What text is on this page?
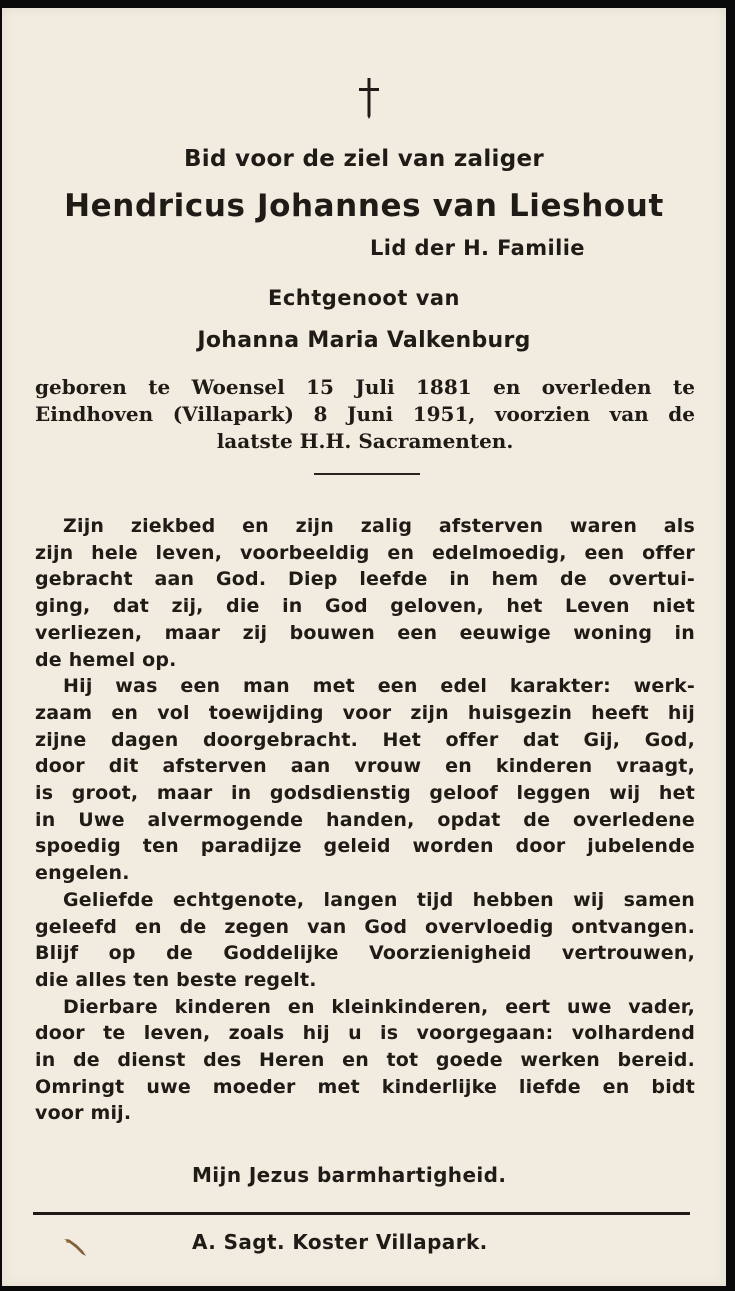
Bid voor de ziel van zaliger
Hendricus Johannes van Lieshout
Lid der H. Familie
Echtgenoot van
Johanna Maria Valkenburg
geboren te Woensel 15 Juli 1881 en overleden te
Eindhoven (Villapark) 8 Juni 1951, voorzien van de
laatste H.H. Sacramenten.
Zijn ziekbed en zijn zalig afsterven waren als
zijn hele leven, voorbeeldig en edelmoedig, een offer
gebracht aan God. Diep leefde in hem de overtui-
ging, dat zij, die in God geloven, het Leven niet
verliezen, maar zij bouwen een eeuwige woning in
de hemel op.
Hij was een man met een edel karakter: werk-
zaam en vol toewijding voor zijn huisgezin heeft hij
zijne dagen doorgebracht. Het offer dat Gij, God,
door dit afsterven aan vrouw en kinderen vraagt,
is groot, maar in godsdienstig geloof leggen wij het
in Uwe alvermogende handen, opdat de overledene
spoedig ten paradijze geleid worden door jubelende
engelen.
Geliefde echtgenote, langen tijd hebben wij samen
geleefd en de zegen van God overvloedig ontvangen.
Blijf op de Goddelijke Voorzienigheid vertrouwen,
die alles ten beste regelt.
Dierbare kinderen en kleinkinderen, eert uwe vader,
door te leven, zoals hij u is voorgegaan: volhardend
in de dienst des Heren en tot goede werken bereid.
Omringt uwe moeder met kinderlijke liefde en bidt
voor mij.
Mijn Jezus barmhartigheid.
A. Sagt. Koster Villapark.
